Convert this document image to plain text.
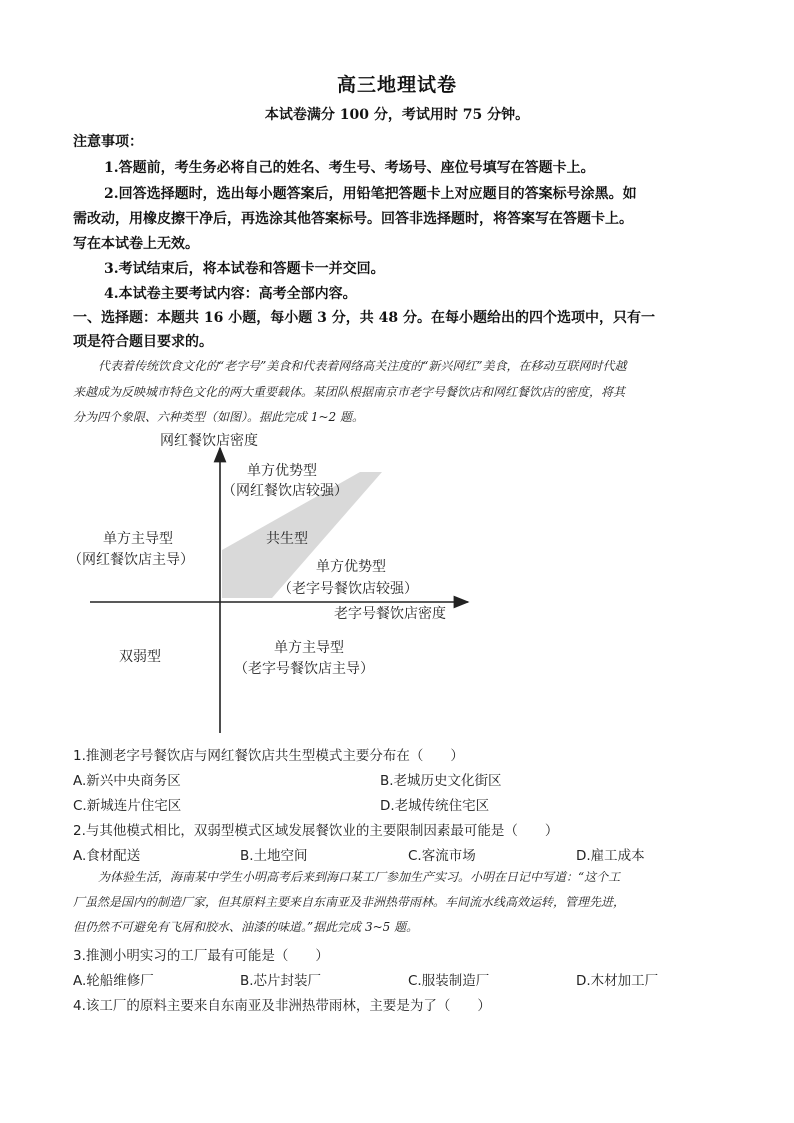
高三地理试卷
本试卷满分 100 分，考试用时 75 分钟。
注意事项：
1.答题前，考生务必将自己的姓名、考生号、考场号、座位号填写在答题卡上。
2.回答选择题时，选出每小题答案后，用铅笔把答题卡上对应题目的答案标号涂黑。如
需改动，用橡皮擦干净后，再选涂其他答案标号。回答非选择题时，将答案写在答题卡上。
写在本试卷上无效。
3.考试结束后，将本试卷和答题卡一并交回。
4.本试卷主要考试内容：高考全部内容。
一、选择题：本题共 16 小题，每小题 3 分，共 48 分。在每小题给出的四个选项中，只有一
项是符合题目要求的。
代表着传统饮食文化的“老字号”美食和代表着网络高关注度的“新兴网红”美食，在移动互联网时代越
来越成为反映城市特色文化的两大重要载体。某团队根据南京市老字号餐饮店和网红餐饮店的密度，将其
分为四个象限、六种类型（如图）。据此完成 1~2 题。
网红餐饮店密度
老字号餐饮店密度
单方优势型
（网红餐饮店较强）
共生型
单方优势型
（老字号餐饮店较强）
单方主导型
（网红餐饮店主导）
双弱型
单方主导型
（老字号餐饮店主导）
1.推测老字号餐饮店与网红餐饮店共生型模式主要分布在（　　）
A.新兴中央商务区	B.老城历史文化街区
C.新城连片住宅区	D.老城传统住宅区
2.与其他模式相比，双弱型模式区域发展餐饮业的主要限制因素最可能是（　　）
A.食材配送	B.土地空间	C.客流市场	D.雇工成本
为体验生活，海南某中学生小明高考后来到海口某工厂参加生产实习。小明在日记中写道：“这个工
厂虽然是国内的制造厂家，但其原料主要来自东南亚及非洲热带雨林。车间流水线高效运转，管理先进，
但仍然不可避免有飞屑和胶水、油漆的味道。”据此完成 3~5 题。
3.推测小明实习的工厂最有可能是（　　）
A.轮船维修厂	B.芯片封装厂	C.服装制造厂	D.木材加工厂
4.该工厂的原料主要来自东南亚及非洲热带雨林，主要是为了（　　）
